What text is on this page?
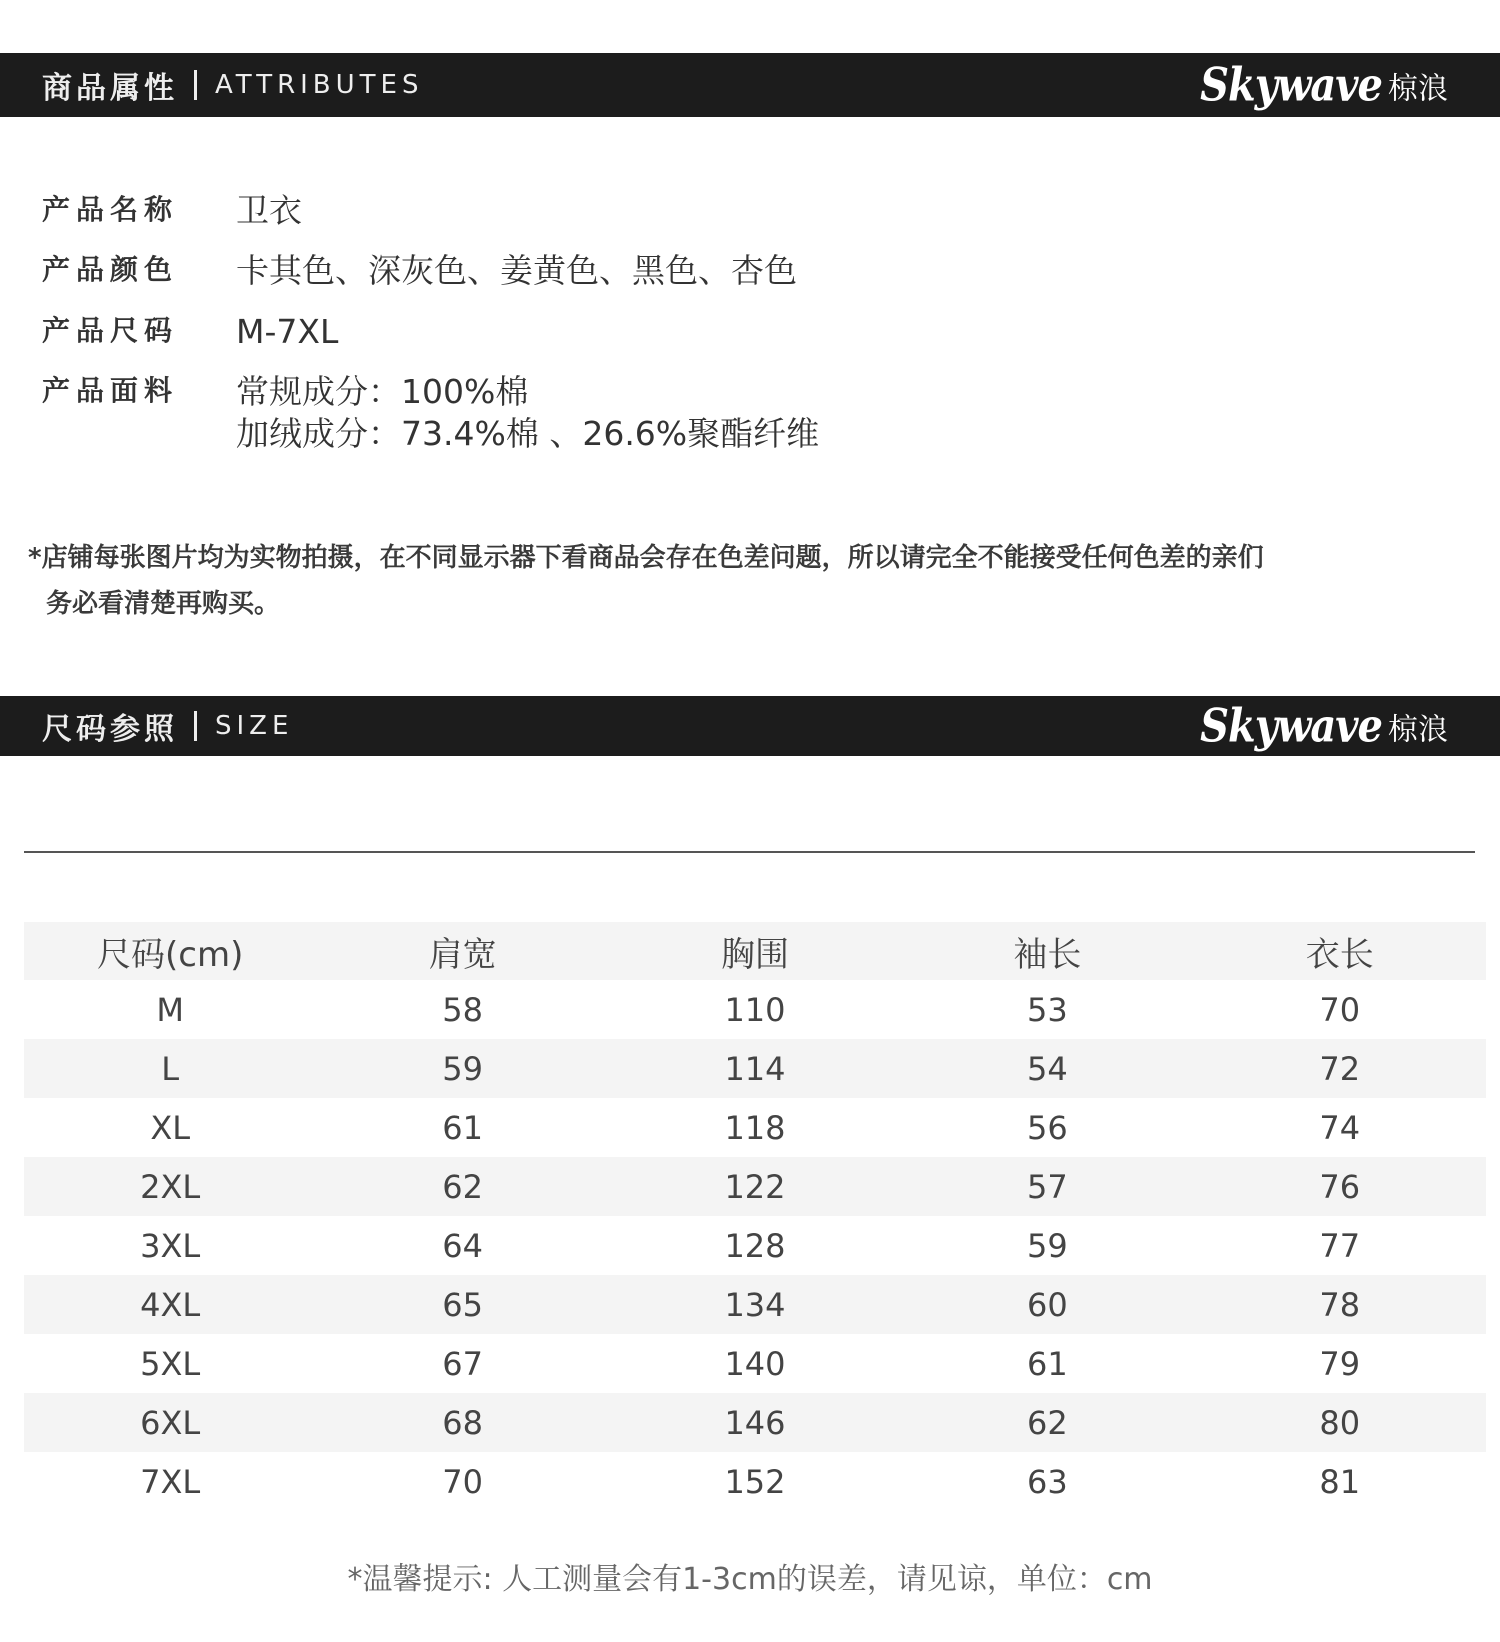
商品属性 ATTRIBUTES	Skywave 椋浪
产品名称	卫衣
产品颜色	卡其色、深灰色、姜黄色、黑色、杏色
产品尺码	M-7XL
产品面料	常规成分：100%棉
加绒成分：73.4%棉 、26.6%聚酯纤维
*店铺每张图片均为实物拍摄，在不同显示器下看商品会存在色差问题，所以请完全不能接受任何色差的亲们
务必看清楚再购买。
尺码参照 SIZE	Skywave 椋浪
尺码(cm)	肩宽	胸围	袖长	衣长
M	58	110	53	70
L	59	114	54	72
XL	61	118	56	74
2XL	62	122	57	76
3XL	64	128	59	77
4XL	65	134	60	78
5XL	67	140	61	79
6XL	68	146	62	80
7XL	70	152	63	81
*温馨提示: 人工测量会有1-3cm的误差，请见谅，单位：cm
